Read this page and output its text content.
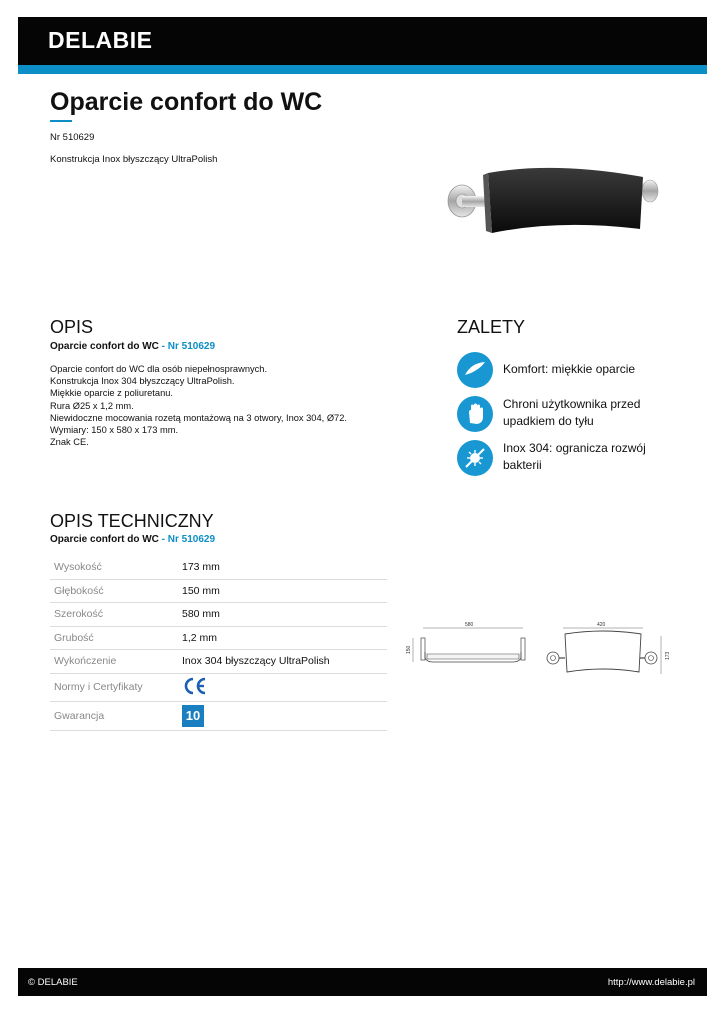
DELABIE
Oparcie confort do WC
Nr 510629
Konstrukcja Inox błyszczący UltraPolish
OPIS
Oparcie confort do WC - Nr 510629
Oparcie confort do WC dla osób niepełnosprawnych.
Konstrukcja Inox 304 błyszczący UltraPolish.
Miękkie oparcie z poliuretanu.
Rura Ø25 x 1,2 mm.
Niewidoczne mocowania rozetą montażową na 3 otwory, Inox 304, Ø72.
Wymiary: 150 x 580 x 173 mm.
Znak CE.
ZALETY
Komfort: miękkie oparcie
Chroni użytkownika przed upadkiem do tyłu
Inox 304: ogranicza rozwój bakterii
OPIS TECHNICZNY
Oparcie confort do WC - Nr 510629
Wysokość	173 mm
Głębokość	150 mm
Szerokość	580 mm
Grubość	1,2 mm
Wykończenie	Inox 304 błyszczący UltraPolish
Normy i Certyfikaty	
Gwarancja	10
580
150
420
173
© DELABIE	http://www.delabie.pl
